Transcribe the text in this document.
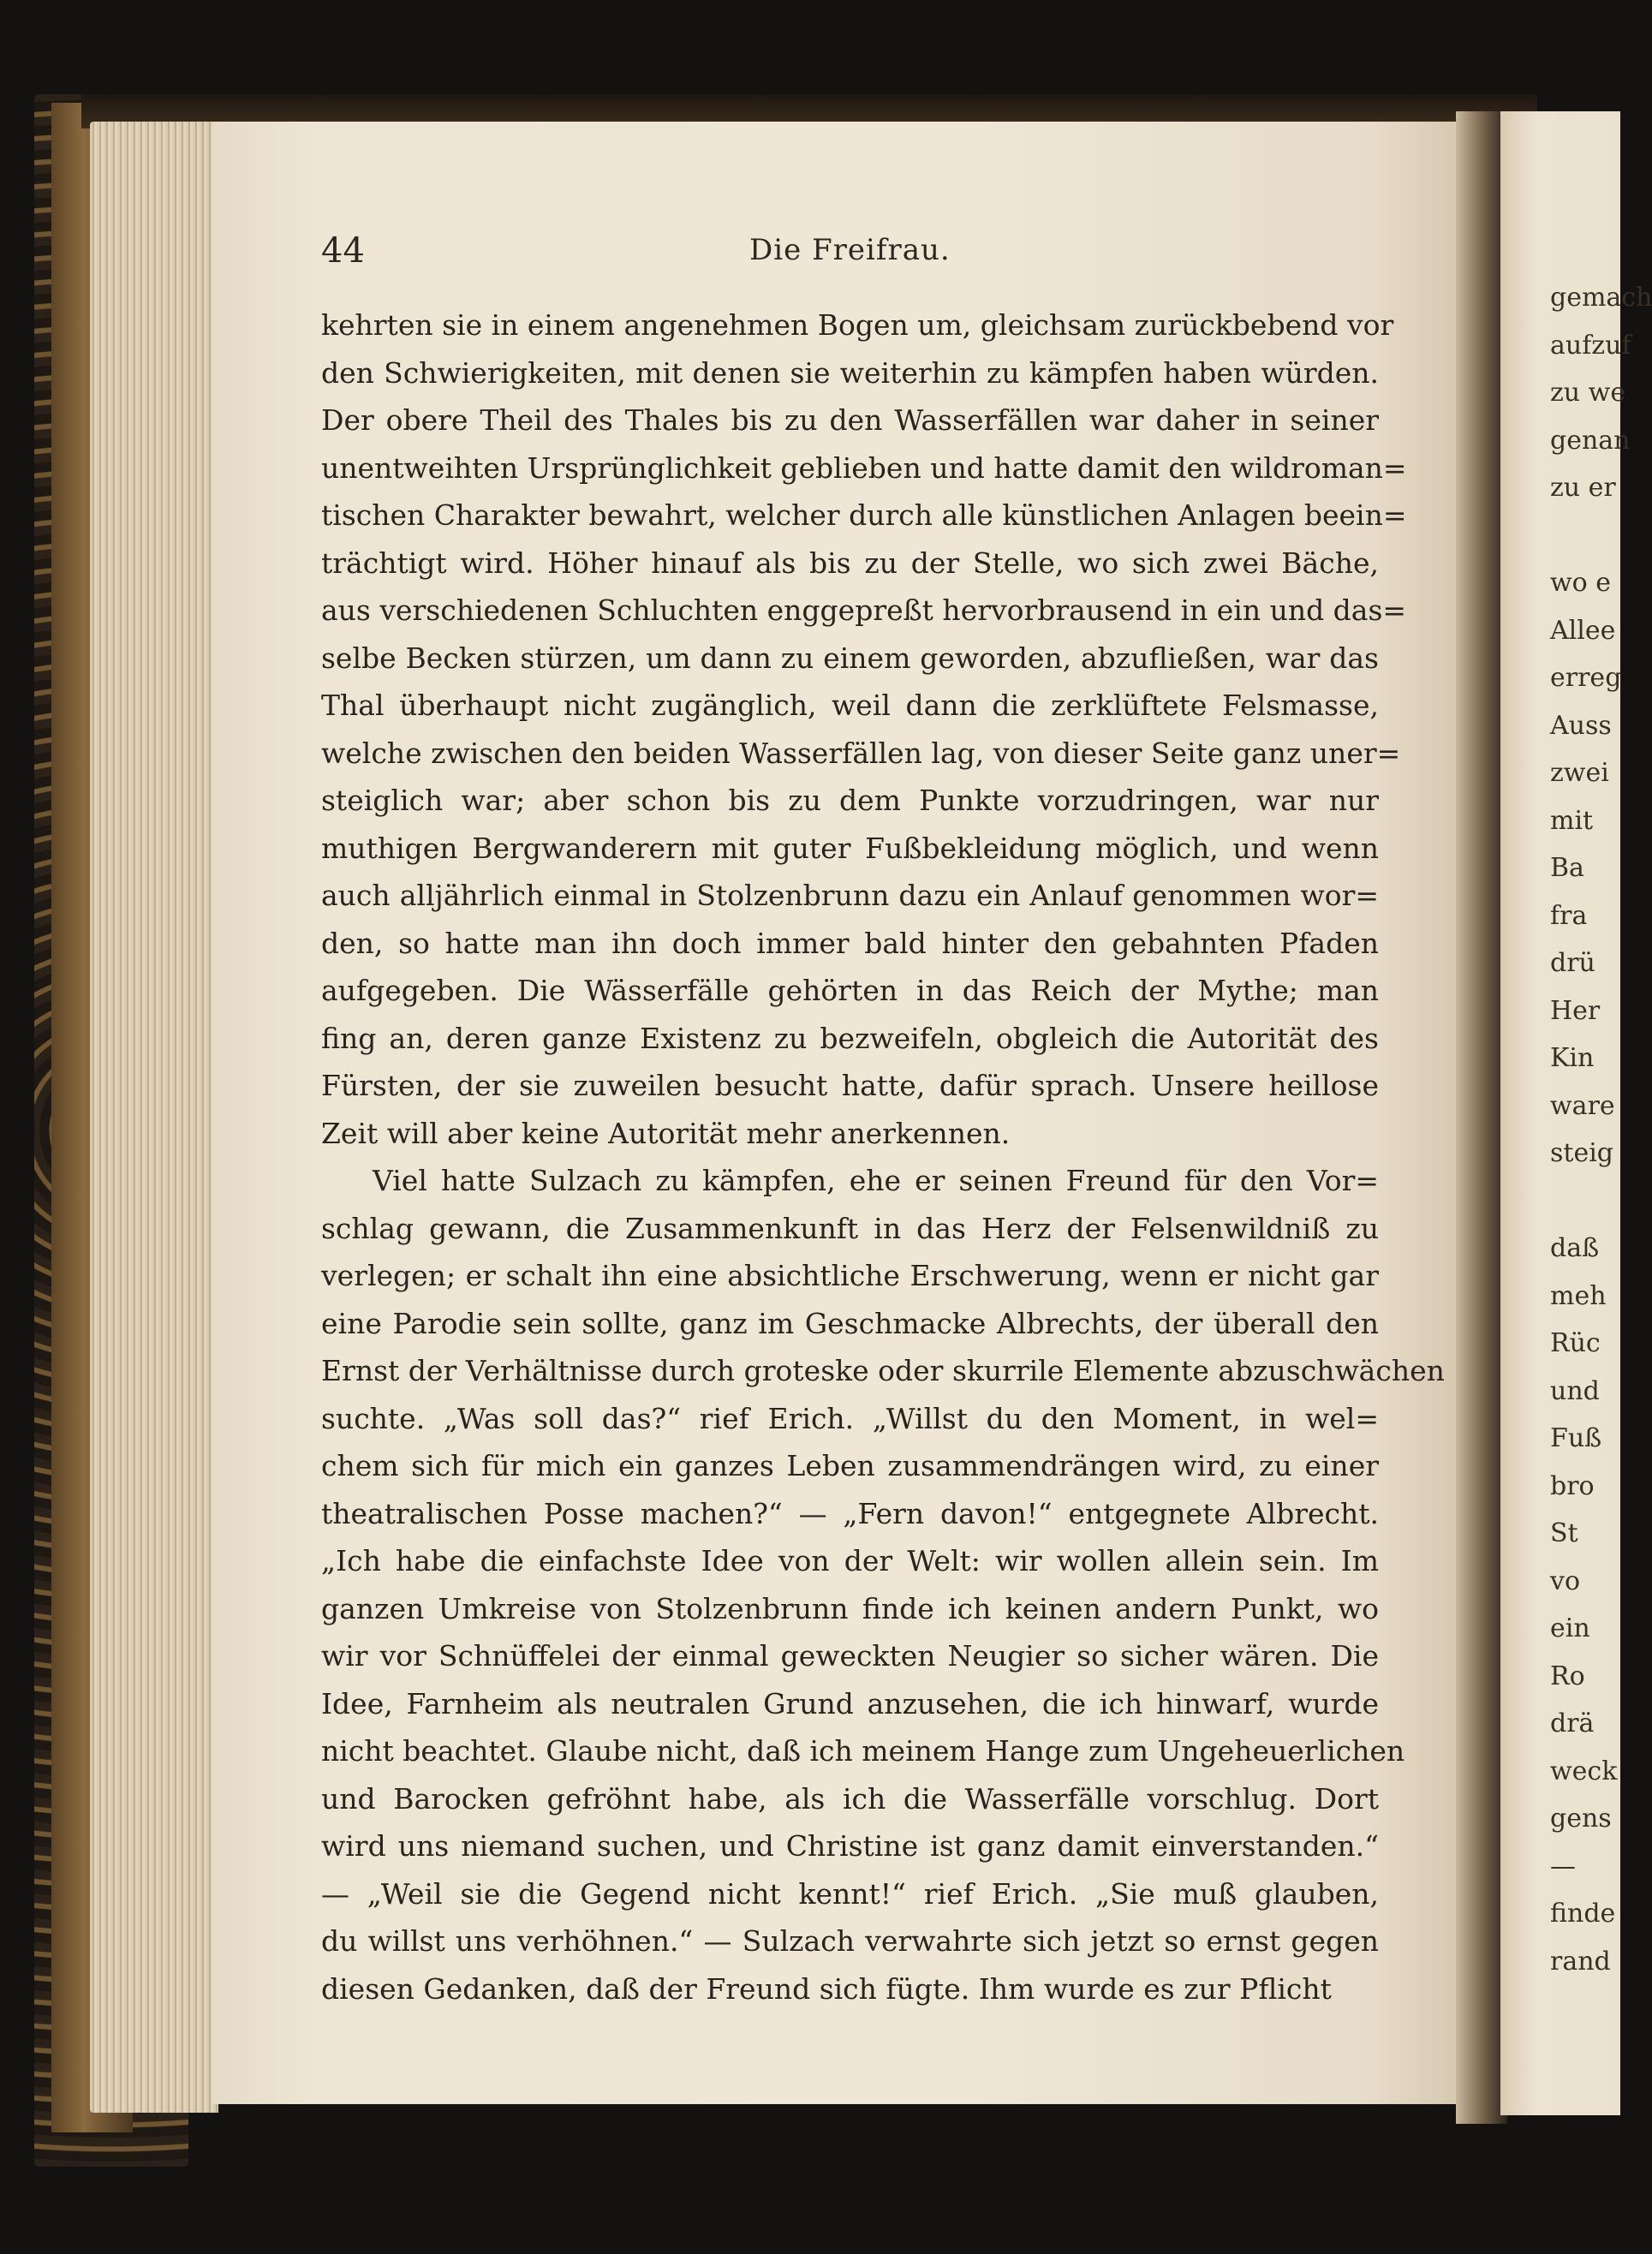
gemach
aufzuf
zu we
genan
zu er
wo e
Allee
erreg
Auss
zwei
mit
Ba
fra
drü
Her
Kin
ware
steig
daß
meh
Rüc
und
Fuß
bro
St
vo
ein
Ro
drä
weck
gens
—
finde
rand
44	Die Freifrau.
kehrten sie in einem angenehmen Bogen um, gleichsam zurückbebend vor
den Schwierigkeiten, mit denen sie weiterhin zu kämpfen haben würden.
Der obere Theil des Thales bis zu den Wasserfällen war daher in seiner
unentweihten Ursprünglichkeit geblieben und hatte damit den wildroman=
tischen Charakter bewahrt, welcher durch alle künstlichen Anlagen beein=
trächtigt wird. Höher hinauf als bis zu der Stelle, wo sich zwei Bäche,
aus verschiedenen Schluchten enggepreßt hervorbrausend in ein und das=
selbe Becken stürzen, um dann zu einem geworden, abzufließen, war das
Thal überhaupt nicht zugänglich, weil dann die zerklüftete Felsmasse,
welche zwischen den beiden Wasserfällen lag, von dieser Seite ganz uner=
steiglich war; aber schon bis zu dem Punkte vorzudringen, war nur
muthigen Bergwanderern mit guter Fußbekleidung möglich, und wenn
auch alljährlich einmal in Stolzenbrunn dazu ein Anlauf genommen wor=
den, so hatte man ihn doch immer bald hinter den gebahnten Pfaden
aufgegeben. Die Wässerfälle gehörten in das Reich der Mythe; man
fing an, deren ganze Existenz zu bezweifeln, obgleich die Autorität des
Fürsten, der sie zuweilen besucht hatte, dafür sprach. Unsere heillose
Zeit will aber keine Autorität mehr anerkennen.
Viel hatte Sulzach zu kämpfen, ehe er seinen Freund für den Vor=
schlag gewann, die Zusammenkunft in das Herz der Felsenwildniß zu
verlegen; er schalt ihn eine absichtliche Erschwerung, wenn er nicht gar
eine Parodie sein sollte, ganz im Geschmacke Albrechts, der überall den
Ernst der Verhältnisse durch groteske oder skurrile Elemente abzuschwächen
suchte. „Was soll das?“ rief Erich. „Willst du den Moment, in wel=
chem sich für mich ein ganzes Leben zusammendrängen wird, zu einer
theatralischen Posse machen?“ — „Fern davon!“ entgegnete Albrecht.
„Ich habe die einfachste Idee von der Welt: wir wollen allein sein. Im
ganzen Umkreise von Stolzenbrunn finde ich keinen andern Punkt, wo
wir vor Schnüffelei der einmal geweckten Neugier so sicher wären. Die
Idee, Farnheim als neutralen Grund anzusehen, die ich hinwarf, wurde
nicht beachtet. Glaube nicht, daß ich meinem Hange zum Ungeheuerlichen
und Barocken gefröhnt habe, als ich die Wasserfälle vorschlug. Dort
wird uns niemand suchen, und Christine ist ganz damit einverstanden.“
— „Weil sie die Gegend nicht kennt!“ rief Erich. „Sie muß glauben,
du willst uns verhöhnen.“ — Sulzach verwahrte sich jetzt so ernst gegen
diesen Gedanken, daß der Freund sich fügte. Ihm wurde es zur Pflicht
